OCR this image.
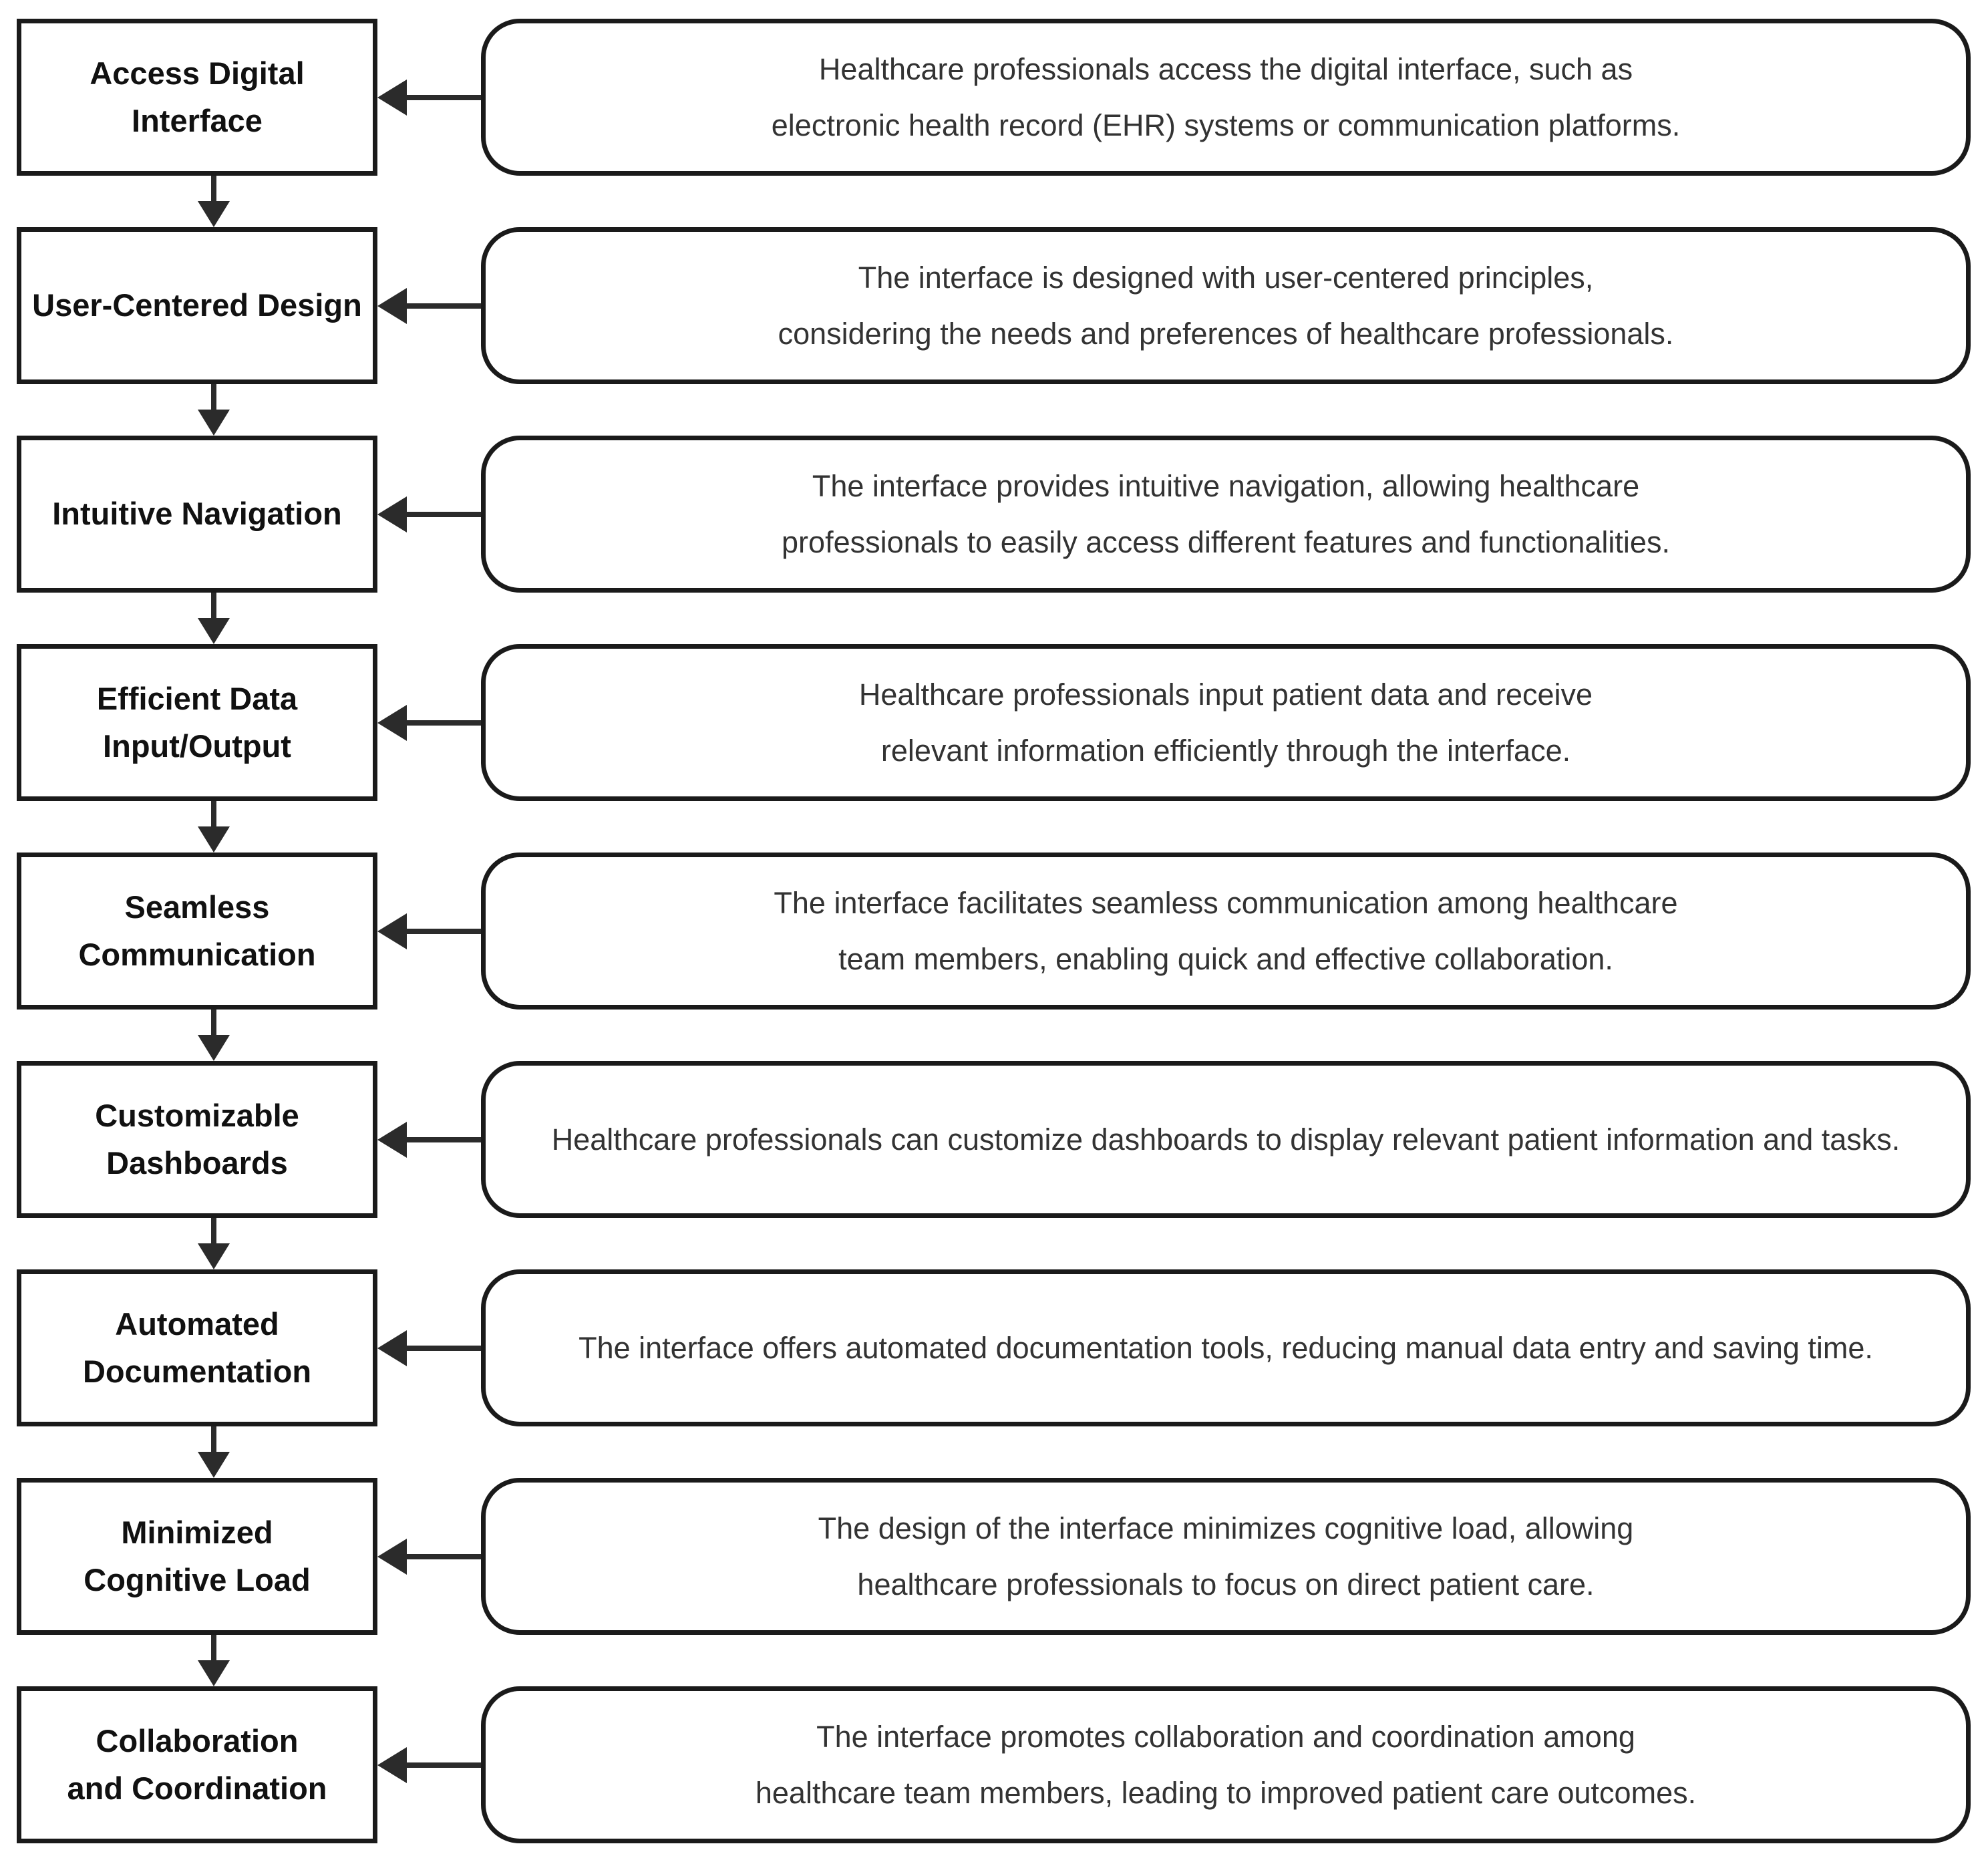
Access Digital Interface
Healthcare professionals access the digital interface, such as electronic health record (EHR) systems or communication platforms.
User-Centered Design
The interface is designed with user-centered principles, considering the needs and preferences of healthcare professionals.
Intuitive Navigation
The interface provides intuitive navigation, allowing healthcare professionals to easily access different features and functionalities.
Efficient Data Input/Output
Healthcare professionals input patient data and receive relevant information efficiently through the interface.
Seamless Communication
The interface facilitates seamless communication among healthcare team members, enabling quick and effective collaboration.
Customizable Dashboards
Healthcare professionals can customize dashboards to display relevant patient information and tasks.
Automated Documentation
The interface offers automated documentation tools, reducing manual data entry and saving time.
Minimized Cognitive Load
The design of the interface minimizes cognitive load, allowing healthcare professionals to focus on direct patient care.
Collaboration and Coordination
The interface promotes collaboration and coordination among healthcare team members, leading to improved patient care outcomes.
